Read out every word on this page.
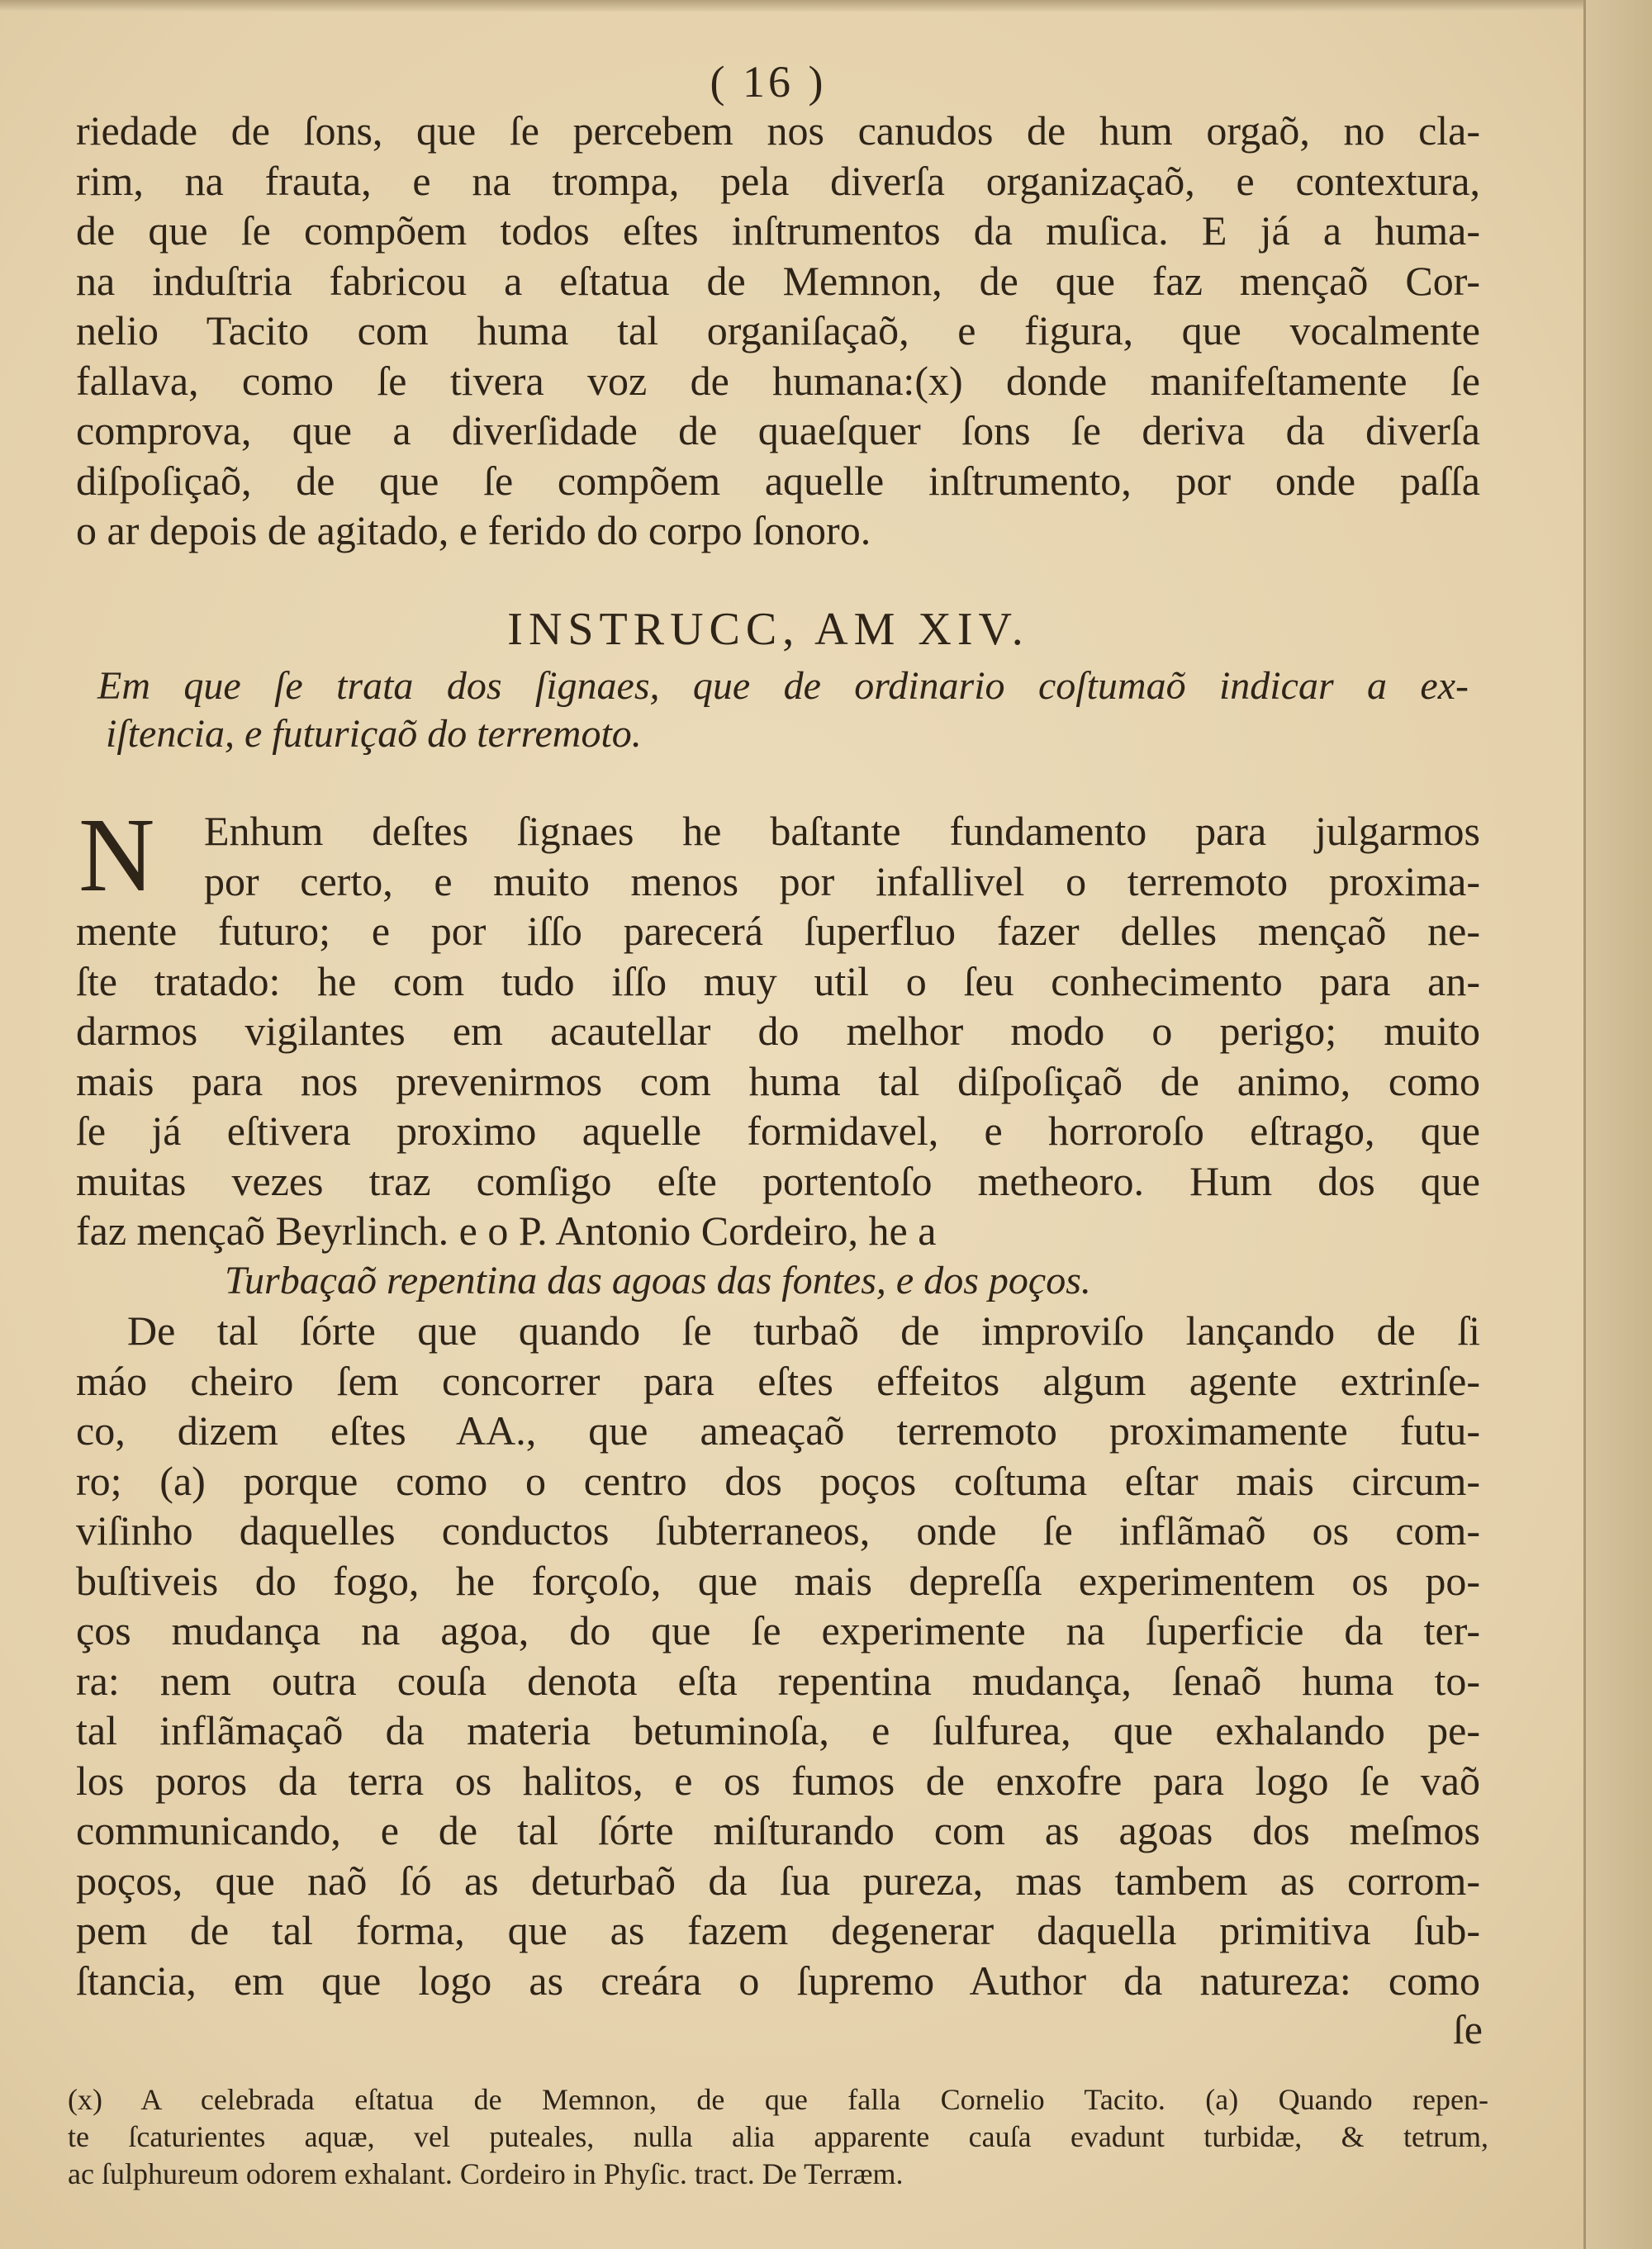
( 16 )
riedade de ſons, que ſe percebem nos canudos de hum orgaõ, no cla-
rim, na frauta, e na trompa, pela diverſa organizaçaõ, e contextura,
de que ſe compõem todos eſtes inſtrumentos da muſica. E já a huma-
na induſtria fabricou a eſtatua de Memnon, de que faz mençaõ Cor-
nelio Tacito com huma tal organiſaçaõ, e figura, que vocalmente
fallava, como ſe tivera voz de humana:(x) donde manifeſtamente ſe
comprova, que a diverſidade de quaeſquer ſons ſe deriva da diverſa
diſpoſiçaõ, de que ſe compõem aquelle inſtrumento, por onde paſſa
o ar depois de agitado, e ferido do corpo ſonoro.
INSTRUCC, AM XIV.
Em que ſe trata dos ſignaes, que de ordinario coſtumaõ indicar a ex-
iſtencia, e futuriçaõ do terremoto.
N	Enhum deſtes ſignaes he baſtante fundamento para julgarmos
por certo, e muito menos por infallivel o terremoto proxima-
mente futuro; e por iſſo parecerá ſuperfluo fazer delles mençaõ ne-
ſte tratado: he com tudo iſſo muy util o ſeu conhecimento para an-
darmos vigilantes em acautellar do melhor modo o perigo; muito
mais para nos prevenirmos com huma tal diſpoſiçaõ de animo, como
ſe já eſtivera proximo aquelle formidavel, e horroroſo eſtrago, que
muitas vezes traz comſigo eſte portentoſo metheoro. Hum dos que
faz mençaõ Beyrlinch. e o P. Antonio Cordeiro, he a
Turbaçaõ repentina das agoas das fontes, e dos poços.
De tal ſórte que quando ſe turbaõ de improviſo lançando de ſi
máo cheiro ſem concorrer para eſtes effeitos algum agente extrinſe-
co, dizem eſtes AA., que ameaçaõ terremoto proximamente futu-
ro; (a) porque como o centro dos poços coſtuma eſtar mais circum-
viſinho daquelles conductos ſubterraneos, onde ſe inflãmaõ os com-
buſtiveis do fogo, he forçoſo, que mais depreſſa experimentem os po-
ços mudança na agoa, do que ſe experimente na ſuperficie da ter-
ra: nem outra couſa denota eſta repentina mudança, ſenaõ huma to-
tal inflãmaçaõ da materia betuminoſa, e ſulfurea, que exhalando pe-
los poros da terra os halitos, e os fumos de enxofre para logo ſe vaõ
communicando, e de tal ſórte miſturando com as agoas dos meſmos
poços, que naõ ſó as deturbaõ da ſua pureza, mas tambem as corrom-
pem de tal forma, que as fazem degenerar daquella primitiva ſub-
ſtancia, em que logo as creára o ſupremo Author da natureza: como
ſe
(x) A celebrada eſtatua de Memnon, de que falla Cornelio Tacito. (a) Quando repen-
te ſcaturientes aquæ, vel puteales, nulla alia apparente cauſa evadunt turbidæ, & tetrum,
ac ſulphureum odorem exhalant. Cordeiro in Phyſic. tract. De Terræm.
